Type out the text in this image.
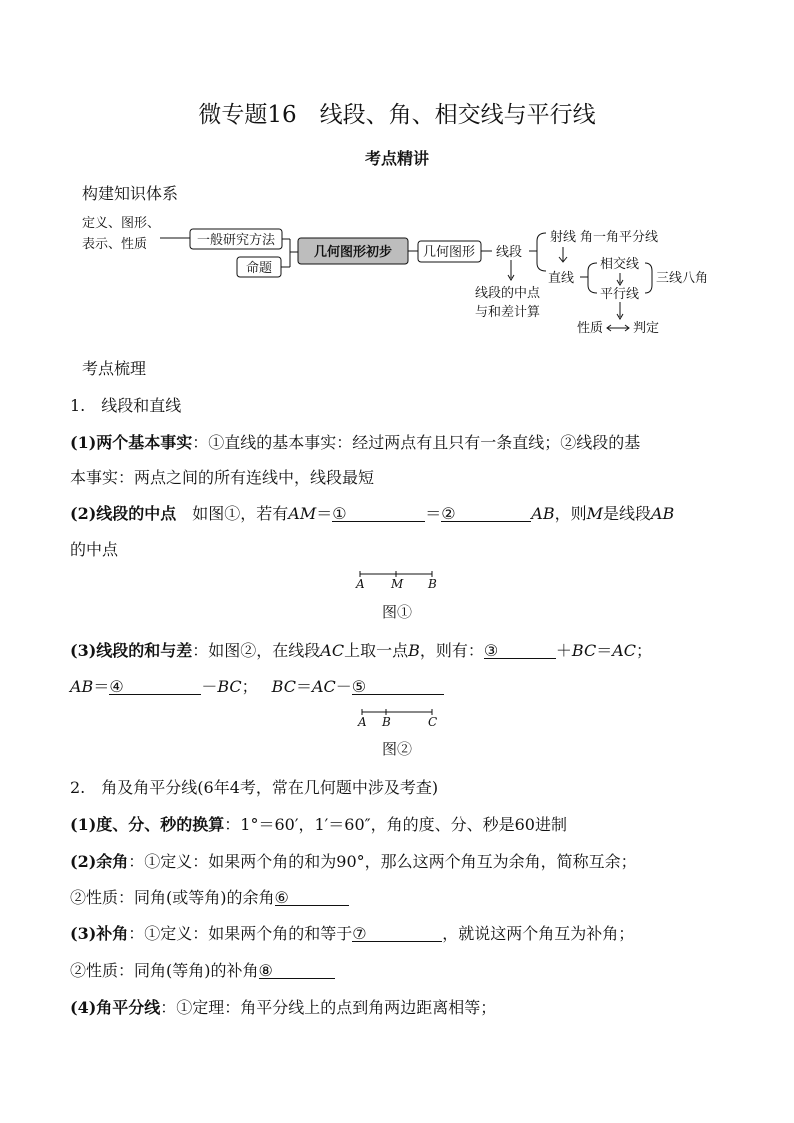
微专题16　线段、角、相交线与平行线
考点精讲
构建知识体系
定义、图形、
表示、性质	一般研究方法
命题
几何图形初步 几何图形 线段
射线 角一角平分线
直线
相交线
平行线
三线八角
性质 判定
线段的中点
与和差计算
考点梳理
1.　线段和直线
(1)两个基本事实：①直线的基本事实：经过两点有且只有一条直线；②线段的基
本事实：两点之间的所有连线中，线段最短
(2)线段的中点　如图①，若有AM＝①	＝②	AB，则M是线段AB
的中点
A M B
图①
(3)线段的和与差：如图②，在线段AC上取一点B，则有：③	＋BC＝AC；
AB＝④	－BC； BC＝AC－⑤
A B	C
图②
2.　角及角平分线(6年4考，常在几何题中涉及考查)
(1)度、分、秒的换算：1°＝60′，1′＝60″，角的度、分、秒是60进制
(2)余角：①定义：如果两个角的和为90°，那么这两个角互为余角，简称互余；
②性质：同角(或等角)的余角⑥
(3)补角：①定义：如果两个角的和等于⑦	，就说这两个角互为补角；
②性质：同角(等角)的补角⑧
(4)角平分线：①定理：角平分线上的点到角两边距离相等；
